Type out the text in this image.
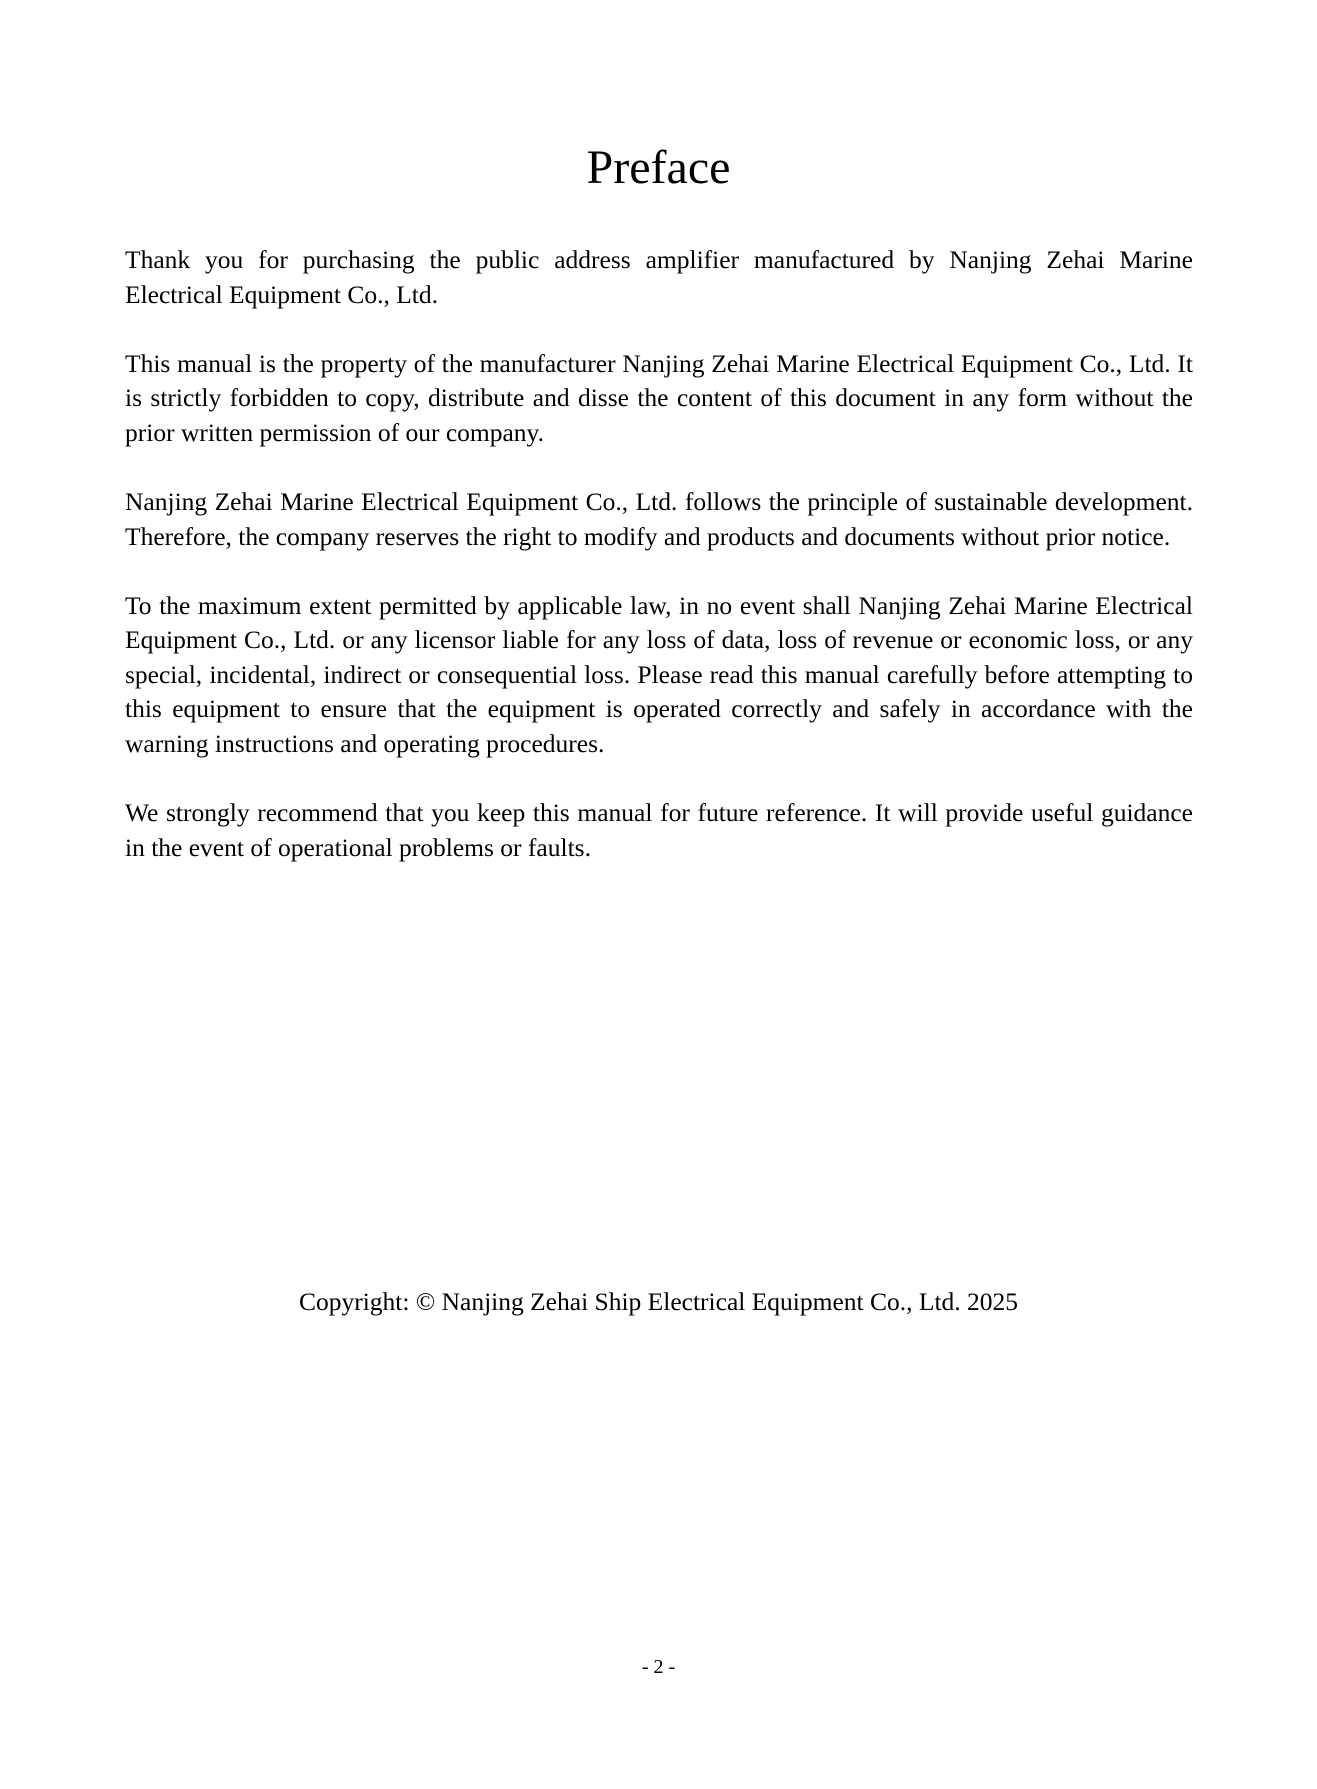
Preface

Thank you for purchasing the public address amplifier manufactured by Nanjing Zehai Marine Electrical Equipment Co., Ltd.

This manual is the property of the manufacturer Nanjing Zehai Marine Electrical Equipment Co., Ltd. It is strictly forbidden to copy, distribute and disse the content of this document in any form without the prior written permission of our company.

Nanjing Zehai Marine Electrical Equipment Co., Ltd. follows the principle of sustainable development. Therefore, the company reserves the right to modify and products and documents without prior notice.

To the maximum extent permitted by applicable law, in no event shall Nanjing Zehai Marine Electrical Equipment Co., Ltd. or any licensor liable for any loss of data, loss of revenue or economic loss, or any special, incidental, indirect or consequential loss. Please read this manual carefully before attempting to this equipment to ensure that the equipment is operated correctly and safely in accordance with the warning instructions and operating procedures.

We strongly recommend that you keep this manual for future reference. It will provide useful guidance in the event of operational problems or faults.

Copyright: © Nanjing Zehai Ship Electrical Equipment Co., Ltd. 2025
- 2 -
